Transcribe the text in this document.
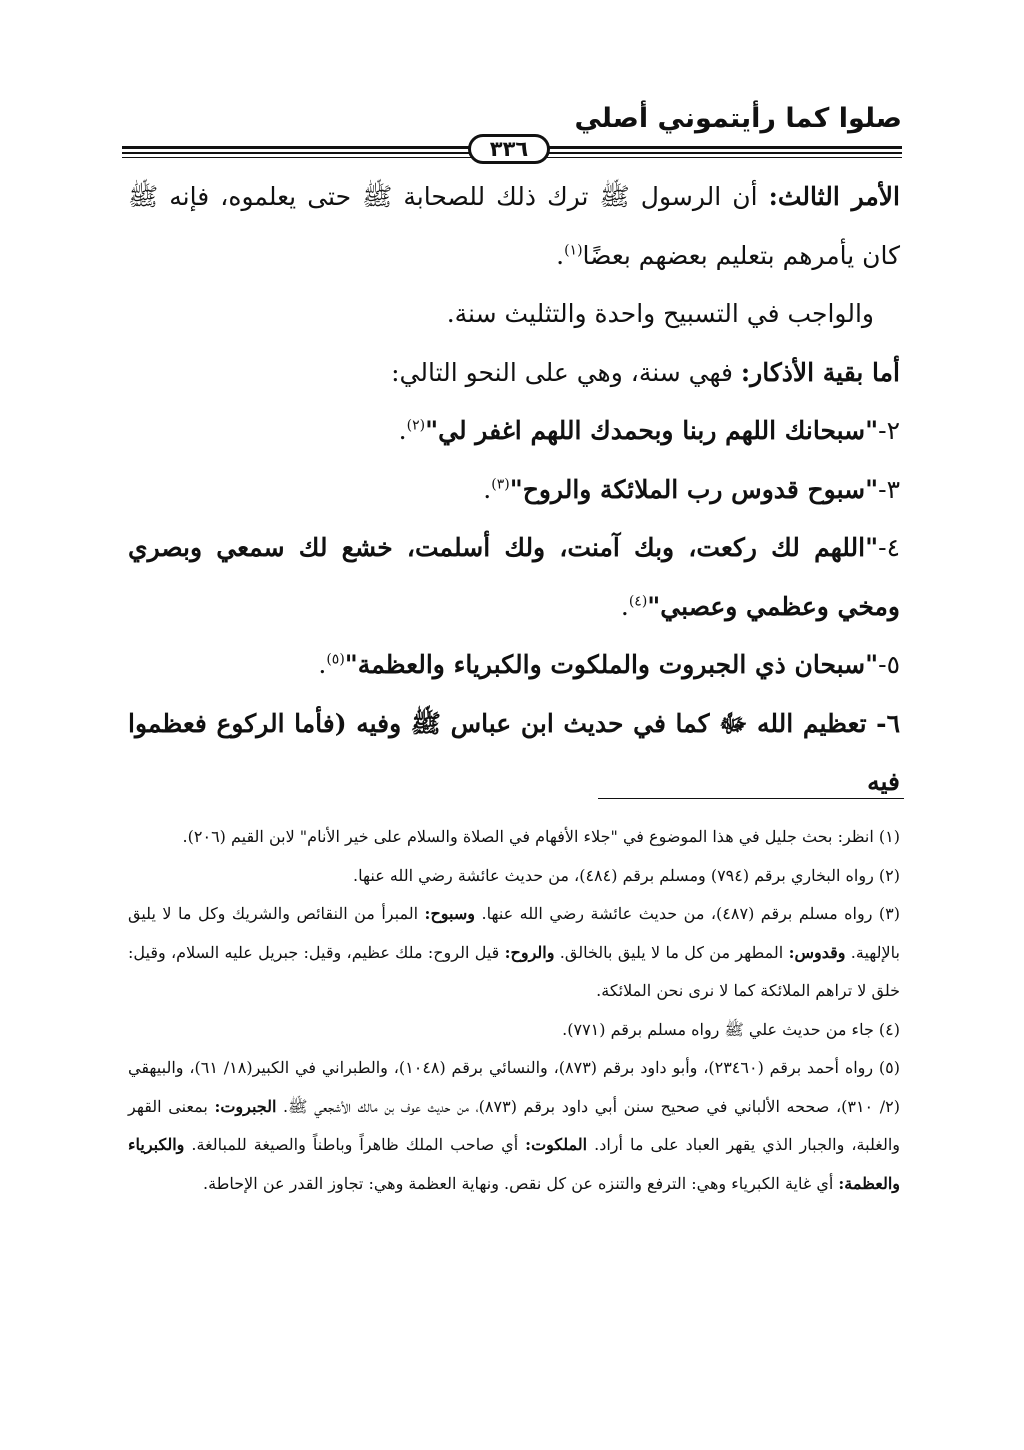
صلوا كما رأيتموني أصلي
٣٣٦

الأمر الثالث: أن الرسول ﷺ ترك ذلك للصحابة ﷺ حتى يعلموه، فإنه ﷺ كان يأمرهم بتعليم بعضهم بعضًا$^{(١)}$.

والواجب في التسبيح واحدة والتثليث سنة.

أما بقية الأذكار: فهي سنة، وهي على النحو التالي:

٢-"سبحانك اللهم ربنا وبحمدك اللهم اغفر لي"$^{(٢)}$.

٣-"سبوح قدوس رب الملائكة والروح"$^{(٣)}$.

٤-"اللهم لك ركعت، وبك آمنت، ولك أسلمت، خشع لك سمعي وبصري ومخي وعظمي وعصبي"$^{(٤)}$.

٥-"سبحان ذي الجبروت والملكوت والكبرياء والعظمة"$^{(٥)}$.

٦- تعظيم الله ﷻ كما في حديث ابن عباس ﷺ وفيه (فأما الركوع فعظموا فيه

(١) انظر: بحث جليل في هذا الموضوع في "جلاء الأفهام في الصلاة والسلام على خير الأنام" لابن القيم (٢٠٦).

(٢) رواه البخاري برقم (٧٩٤) ومسلم برقم (٤٨٤)، من حديث عائشة رضي الله عنها.

(٣) رواه مسلم برقم (٤٨٧)، من حديث عائشة رضي الله عنها. وسبوح: المبرأ من النقائص والشريك وكل ما لا يليق بالإلهية. وقدوس: المطهر من كل ما لا يليق بالخالق. والروح: قيل الروح: ملك عظيم، وقيل: جبريل عليه السلام، وقيل: خلق لا تراهم الملائكة كما لا نرى نحن الملائكة.

(٤) جاء من حديث علي ﷺ رواه مسلم برقم (٧٧١).

(٥) رواه أحمد برقم (٢٣٤٦٠)، وأبو داود برقم (٨٧٣)، والنسائي برقم (١٠٤٨)، والطبراني في الكبير(١٨/ ٦١)، والبيهقي (٢/ ٣١٠)، صححه الألباني في صحيح سنن أبي داود برقم (٨٧٣)، من حديث عوف بن مالك الأشجعي ﷺ. الجبروت: بمعنى القهر والغلبة، والجبار الذي يقهر العباد على ما أراد. الملكوت: أي صاحب الملك ظاهراً وباطناً والصيغة للمبالغة. والكبرياء والعظمة: أي غاية الكبرياء وهي: الترفع والتنزه عن كل نقص. ونهاية العظمة وهي: تجاوز القدر عن الإحاطة.
